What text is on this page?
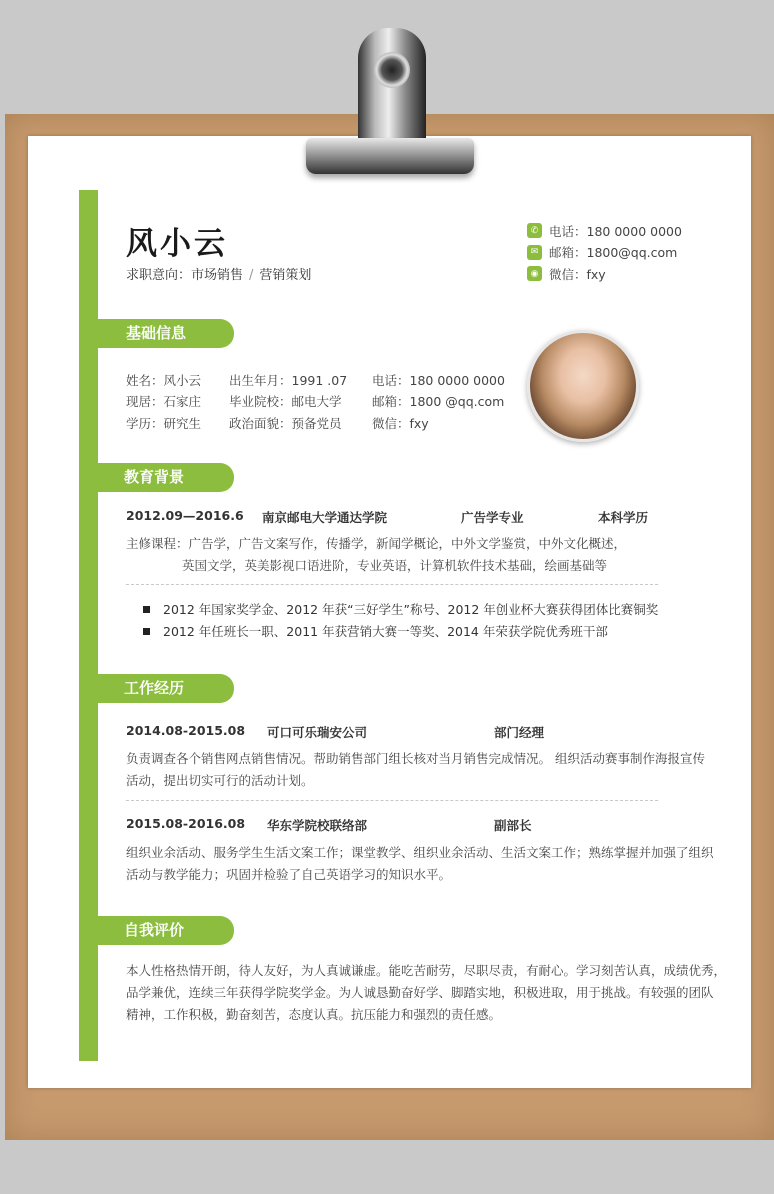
风小云
求职意向：市场销售 / 营销策划
✆ 电话：180 0000 0000
✉ 邮箱：1800@qq.com
◉ 微信：fxy
基础信息
姓名：风小云	出生年月：1991 .07	电话：180 0000 0000
现居：石家庄	毕业院校：邮电大学	邮箱：1800 @qq.com
学历：研究生	政治面貌：预备党员	微信：fxy
教育背景
2012.09—2016.6 南京邮电大学通达学院	广告学专业	本科学历
主修课程：广告学，广告文案写作，传播学，新闻学概论，中外文学鉴赏，中外文化概述，
英国文学，英美影视口语进阶，专业英语，计算机软件技术基础，绘画基础等
2012 年国家奖学金、2012 年获“三好学生”称号、2012 年创业杯大赛获得团体比赛铜奖
2012 年任班长一职、2011 年获营销大赛一等奖、2014 年荣获学院优秀班干部
工作经历
2014.08-2015.08 可口可乐瑞安公司	部门经理
负责调查各个销售网点销售情况。帮助销售部门组长核对当月销售完成情况。 组织活动赛事制作海报宣传
活动，提出切实可行的活动计划。
2015.08-2016.08 华东学院校联络部	副部长
组织业余活动、服务学生生活文案工作；课堂教学、组织业余活动、生活文案工作；熟练掌握并加强了组织
活动与教学能力；巩固并检验了自己英语学习的知识水平。
自我评价
本人性格热情开朗，待人友好，为人真诚谦虚。能吃苦耐劳，尽职尽责，有耐心。学习刻苦认真，成绩优秀，
品学兼优，连续三年获得学院奖学金。为人诚恳勤奋好学、脚踏实地，积极进取，用于挑战。有较强的团队
精神，工作积极，勤奋刻苦，态度认真。抗压能力和强烈的责任感。
